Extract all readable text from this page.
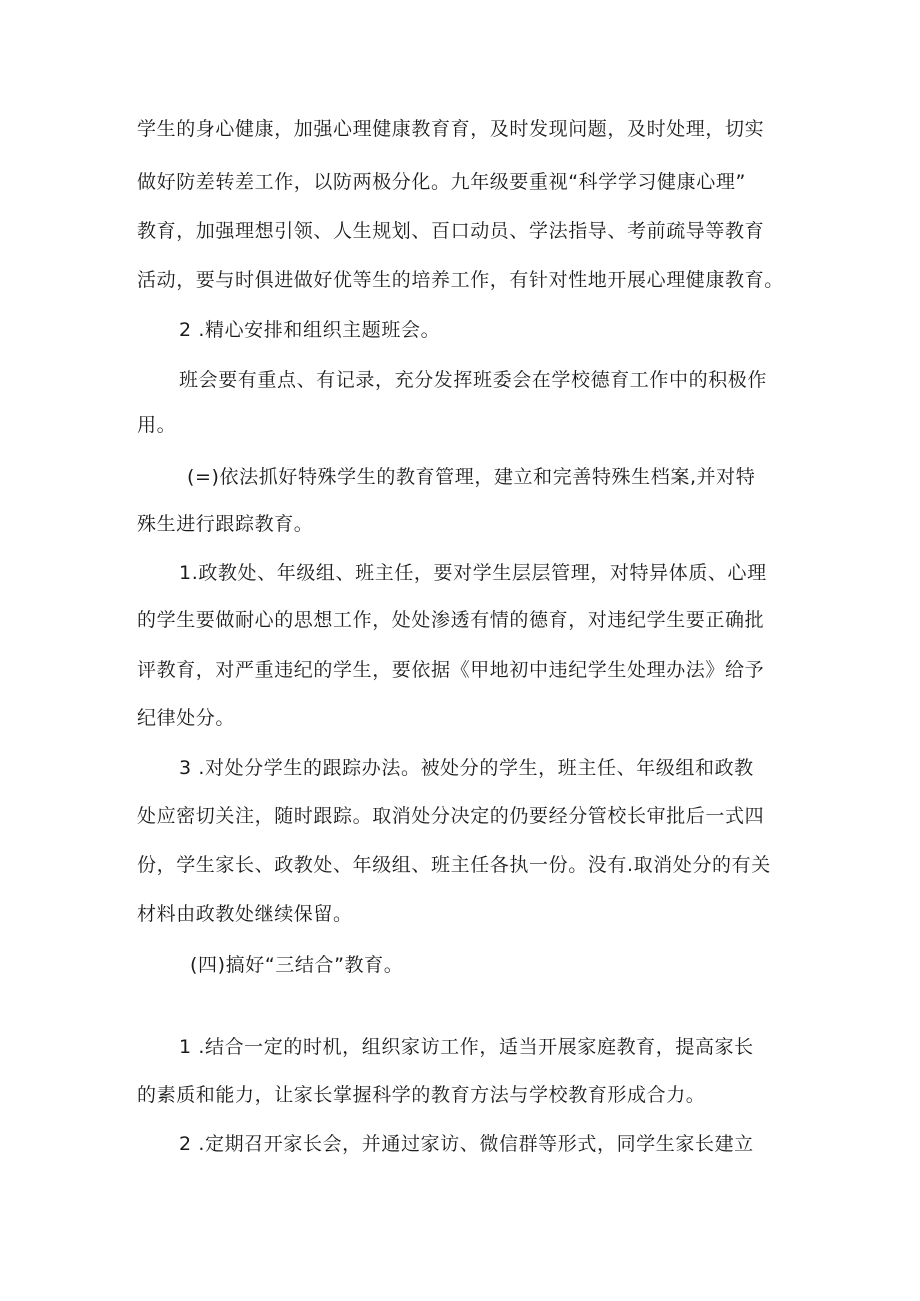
学生的身心健康，加强心理健康教育育，及时发现问题，及时处理，切实
做好防差转差工作，以防两极分化。九年级要重视“科学学习健康心理”
教育，加强理想引领、人生规划、百口动员、学法指导、考前疏导等教育
活动，要与时俱进做好优等生的培养工作，有针对性地开展心理健康教育。
2 .精心安排和组织主题班会。
班会要有重点、有记录，充分发挥班委会在学校德育工作中的积极作
用。
(=)依法抓好特殊学生的教育管理，建立和完善特殊生档案,并对特
殊生进行跟踪教育。
1.政教处、年级组、班主任，要对学生层层管理，对特异体质、心理
的学生要做耐心的思想工作，处处渗透有情的德育，对违纪学生要正确批
评教育，对严重违纪的学生，要依据《甲地初中违纪学生处理办法》给予
纪律处分。
3 .对处分学生的跟踪办法。被处分的学生，班主任、年级组和政教
处应密切关注，随时跟踪。取消处分决定的仍要经分管校长审批后一式四
份，学生家长、政教处、年级组、班主任各执一份。没有.取消处分的有关
材料由政教处继续保留。
(四)搞好“三结合”教育。
1 .结合一定的时机，组织家访工作，适当开展家庭教育，提高家长
的素质和能力，让家长掌握科学的教育方法与学校教育形成合力。
2 .定期召开家长会，并通过家访、微信群等形式，同学生家长建立
